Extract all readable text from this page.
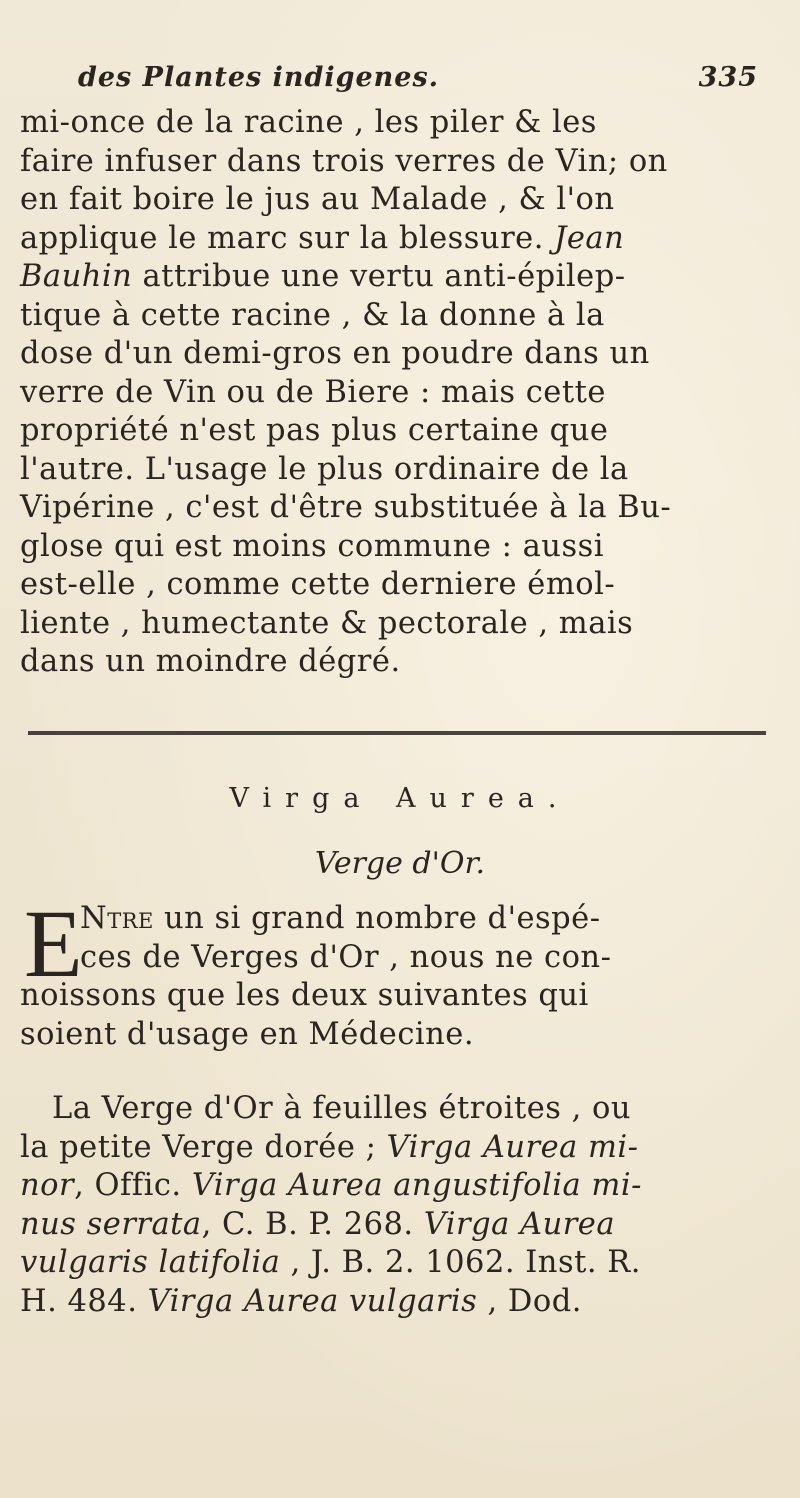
des Plantes indigenes.	335
mi-once de la racine , les piler & les
faire infuser dans trois verres de Vin; on
en fait boire le jus au Malade , & l'on
applique le marc sur la blessure. Jean
Bauhin attribue une vertu anti-épilep-
tique à cette racine , & la donne à la
dose d'un demi-gros en poudre dans un
verre de Vin ou de Biere : mais cette
propriété n'est pas plus certaine que
l'autre. L'usage le plus ordinaire de la
Vipérine , c'est d'être substituée à la Bu-
glose qui est moins commune : aussi
est-elle , comme cette derniere émol-
liente , humectante & pectorale , mais
dans un moindre dégré.
Virga Aurea.
Verge d'Or.
E
Ntre un si grand nombre d'espé-
ces de Verges d'Or , nous ne con-
noissons que les deux suivantes qui
soient d'usage en Médecine.
La Verge d'Or à feuilles étroites , ou
la petite Verge dorée ; Virga Aurea mi-
nor, Offic. Virga Aurea angustifolia mi-
nus serrata, C. B. P. 268. Virga Aurea
vulgaris latifolia , J. B. 2. 1062. Inst. R.
H. 484. Virga Aurea vulgaris , Dod.
